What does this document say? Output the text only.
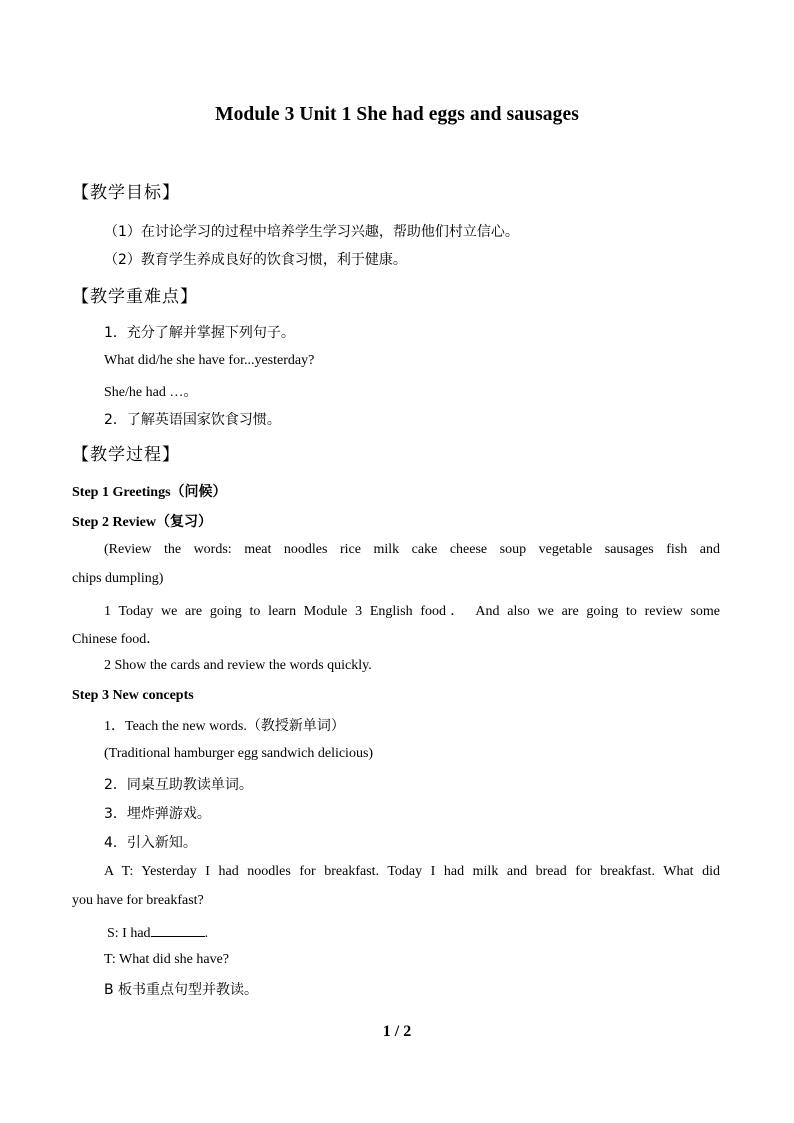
Module 3 Unit 1 She had eggs and sausages
【教学目标】
（1）在讨论学习的过程中培养学生学习兴趣，帮助他们村立信心。
（2）教育学生养成良好的饮食习惯，利于健康。
【教学重难点】
1．充分了解并掌握下列句子。
What did/he she have for...yesterday?
She/he had …。
2．了解英语国家饮食习惯。
【教学过程】
Step 1 Greetings（问候）
Step 2 Review（复习）
(Review the words: meat noodles rice milk cake cheese soup vegetable sausages fish and
chips dumpling)
1 Today we are going to learn Module 3 English food． And also we are going to review some
Chinese food．
2 Show the cards and review the words quickly.
Step 3 New concepts
1．Teach the new words.（教授新单词）
(Traditional hamburger egg sandwich delicious)
2．同桌互助教读单词。
3．埋炸弹游戏。
4．引入新知。
A T: Yesterday I had noodles for breakfast. Today I had milk and bread for breakfast. What did
you have for breakfast?
S: I had	.
T: What did she have?
B 板书重点句型并教读。
1 / 2
